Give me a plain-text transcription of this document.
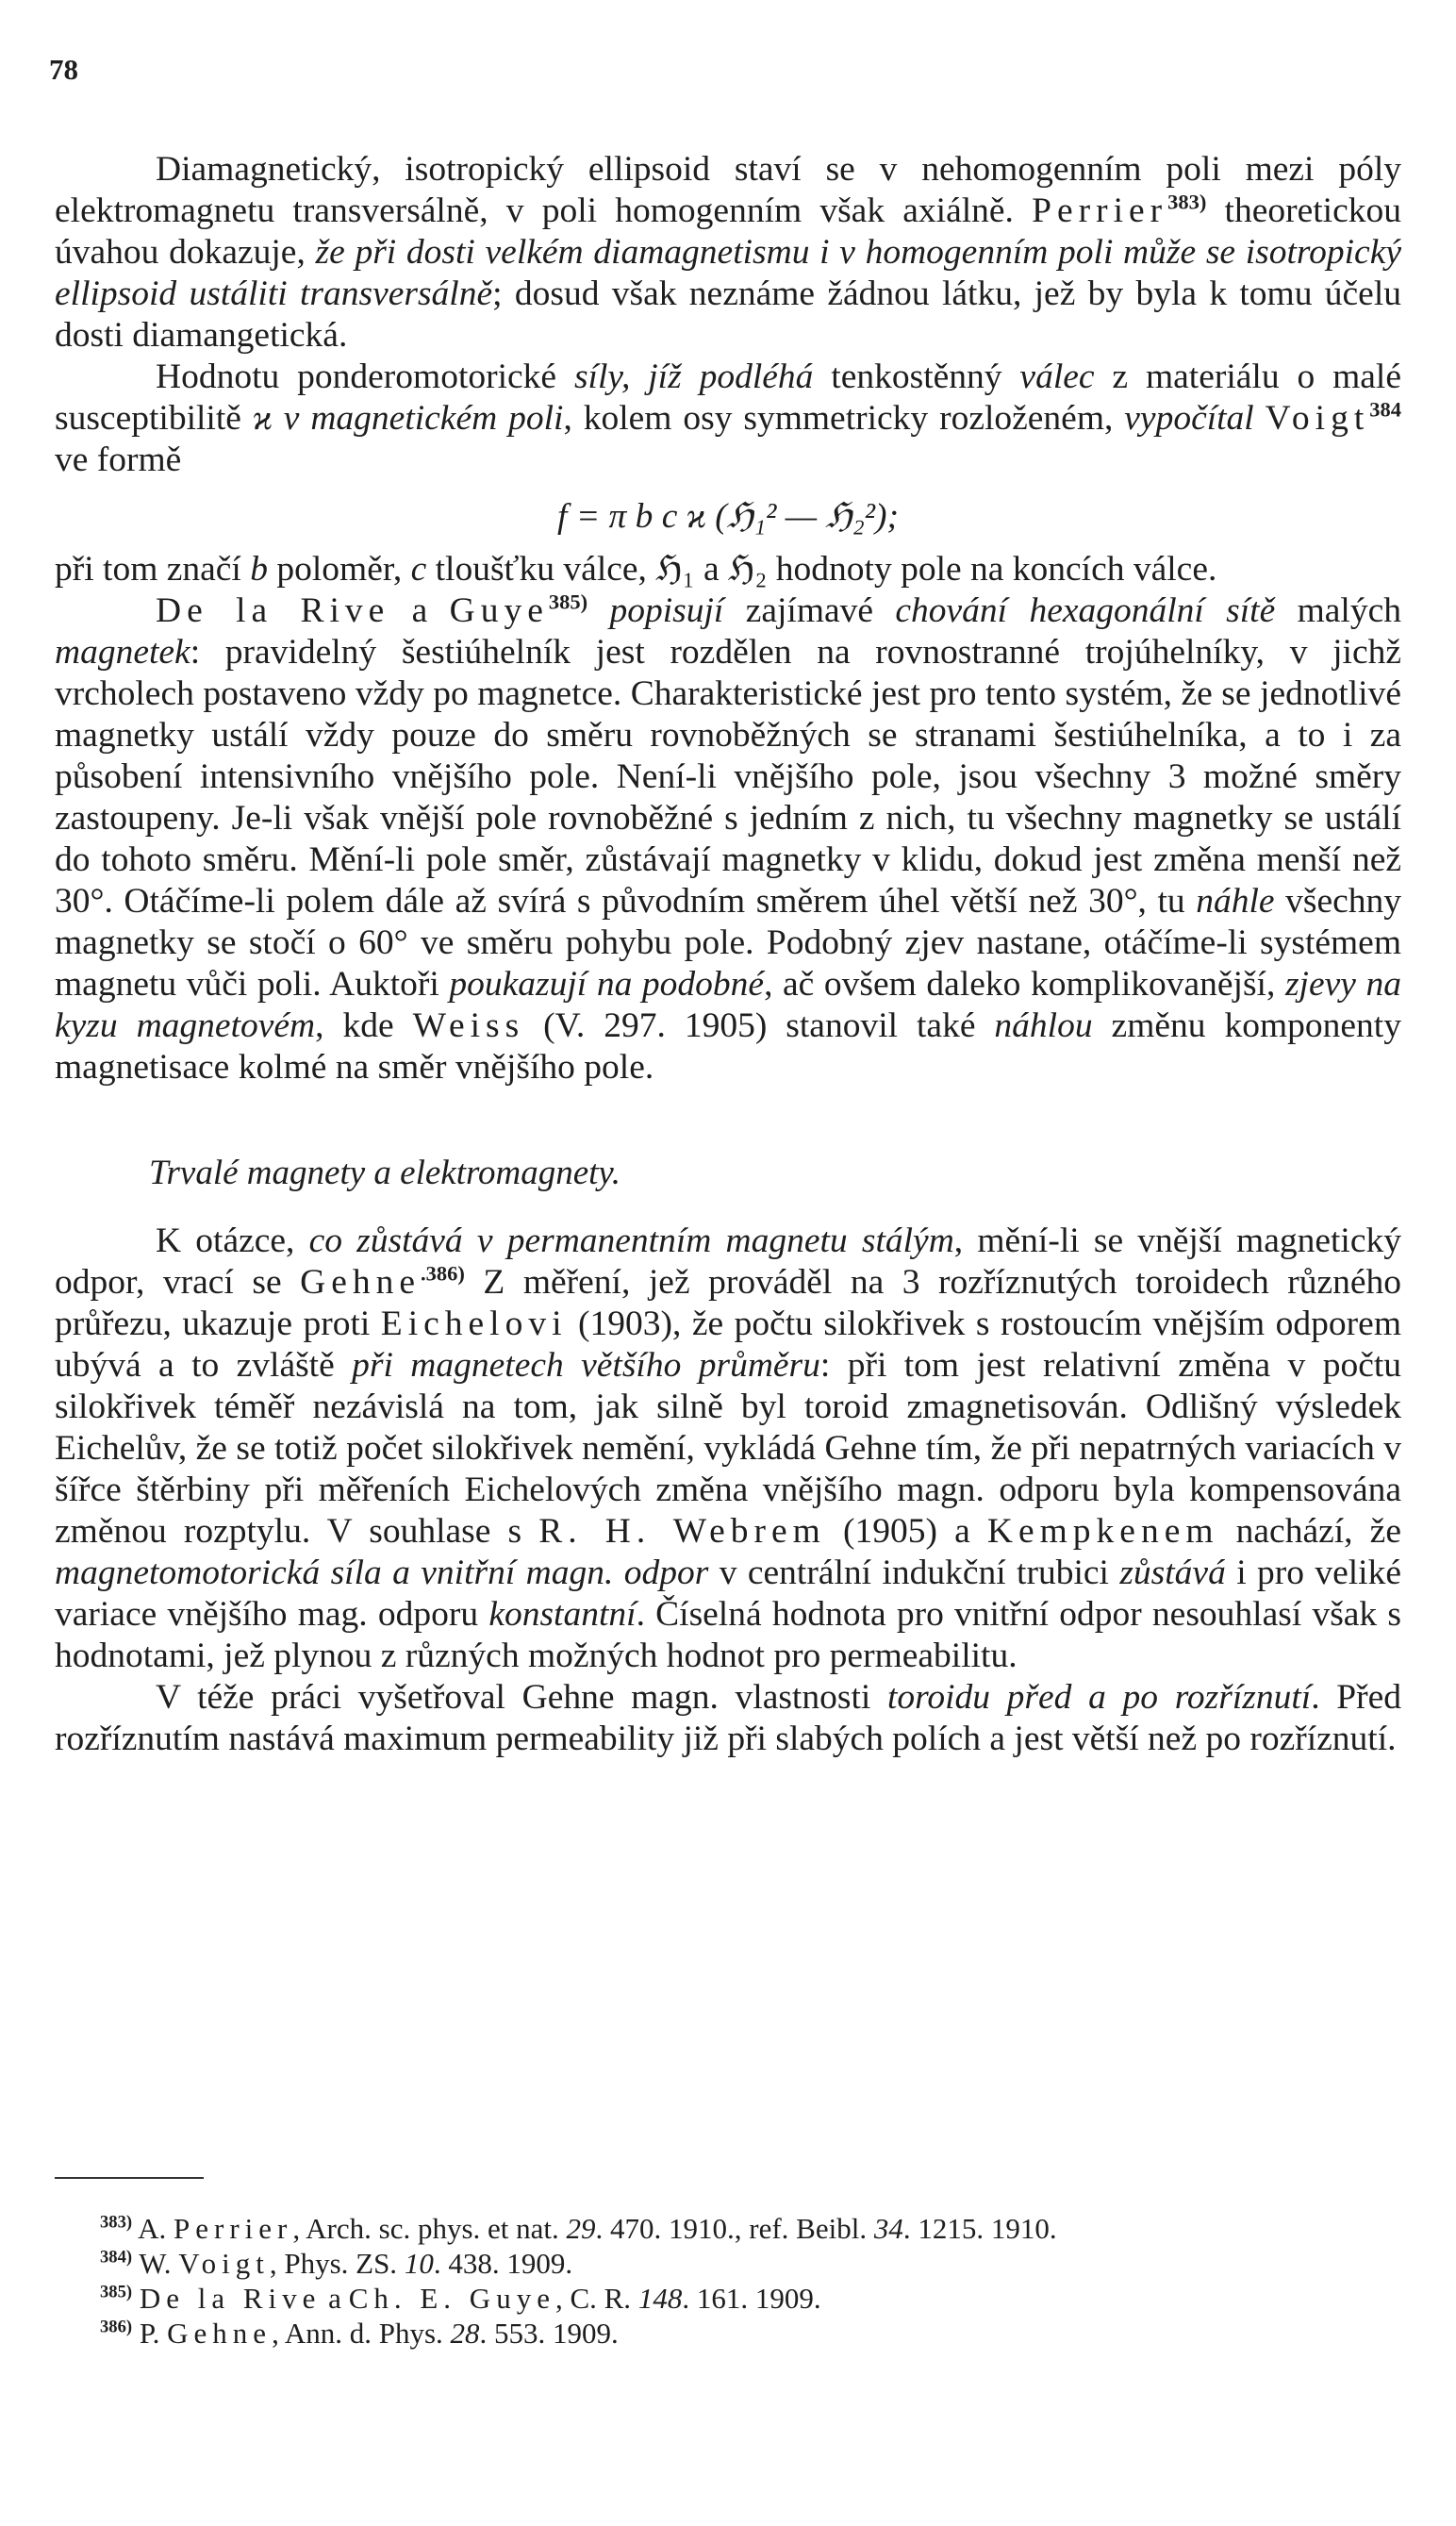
78

Diamagnetický, isotropický ellipsoid staví se v nehomogenním poli mezi póly elektromagnetu transversálně, v poli homogenním však axiálně. Perrier$^{383)}$ theoretickou úvahou dokazuje, že při dosti velkém diamagnetismu i v homogenním poli může se isotropický ellipsoid ustáliti transversálně; dosud však neznáme žádnou látku, jež by byla k tomu účelu dosti diamangetická.

Hodnotu ponderomotorické síly, jíž podléhá tenkostěnný válec z materiálu o malé susceptibilitě ϰ v magnetickém poli, kolem osy symmetricky rozloženém, vypočítal Voigt$^{384}$ ve formě

f = π b c ϰ (ℌ₁² — ℌ₂²);

při tom značí b poloměr, c tloušťku válce, ℌ₁ a ℌ₂ hodnoty pole na koncích válce.

De la Rive a Guye$^{385)}$ popisují zajímavé chování hexagonální sítě malých magnetek: pravidelný šestiúhelník jest rozdělen na rovnostranné trojúhelníky, v jichž vrcholech postaveno vždy po magnetce. Charakteristické jest pro tento systém, že se jednotlivé magnetky ustálí vždy pouze do směru rovnoběžných se stranami šestiúhelníka, a to i za působení intensivního vnějšího pole. Není-li vnějšího pole, jsou všechny 3 možné směry zastoupeny. Je-li však vnější pole rovnoběžné s jedním z nich, tu všechny magnetky se ustálí do tohoto směru. Mění-li pole směr, zůstávají magnetky v klidu, dokud jest změna menší než 30°. Otáčíme-li polem dále až svírá s původním směrem úhel větší než 30°, tu náhle všechny magnetky se stočí o 60° ve směru pohybu pole. Podobný zjev nastane, otáčíme-li systémem magnetu vůči poli. Auktoři poukazují na podobné, ač ovšem daleko komplikovanější, zjevy na kyzu magnetovém, kde Weiss (V. 297. 1905) stanovil také náhlou změnu komponenty magnetisace kolmé na směr vnějšího pole.

Trvalé magnety a elektromagnety.

K otázce, co zůstává v permanentním magnetu stálým, mění-li se vnější magnetický odpor, vrací se Gehne$^{.386)}$ Z měření, jež prováděl na 3 rozříznutých toroidech různého průřezu, ukazuje proti Eichelovi (1903), že počtu silokřivek s rostoucím vnějším odporem ubývá a to zvláště při magnetech většího průměru: při tom jest relativní změna v počtu silokřivek téměř nezávislá na tom, jak silně byl toroid zmagnetisován. Odlišný výsledek Eichelův, že se totiž počet silokřivek nemění, vykládá Gehne tím, že při nepatrných variacích v šířce štěrbiny při měřeních Eichelových změna vnějšího magn. odporu byla kompensována změnou rozptylu. V souhlase s R. H. Webrem (1905) a Kempkenem nachází, že magnetomotorická síla a vnitřní magn. odpor v centrální indukční trubici zůstává i pro veliké variace vnějšího mag. odporu konstantní. Číselná hodnota pro vnitřní odpor nesouhlasí však s hodnotami, jež plynou z různých možných hodnot pro permeabilitu.

V téže práci vyšetřoval Gehne magn. vlastnosti toroidu před a po rozříznutí. Před rozříznutím nastává maximum permeability již při slabých polích a jest větší než po rozříznutí.

$^{383)}$ A. Perrier, Arch. sc. phys. et nat. 29. 470. 1910., ref. Beibl. 34. 1215. 1910.
$^{384)}$ W. Voigt, Phys. ZS. 10. 438. 1909.
$^{385)}$ De la Rive a Ch. E. Guye, C. R. 148. 161. 1909.
$^{386)}$ P. Gehne, Ann. d. Phys. 28. 553. 1909.
